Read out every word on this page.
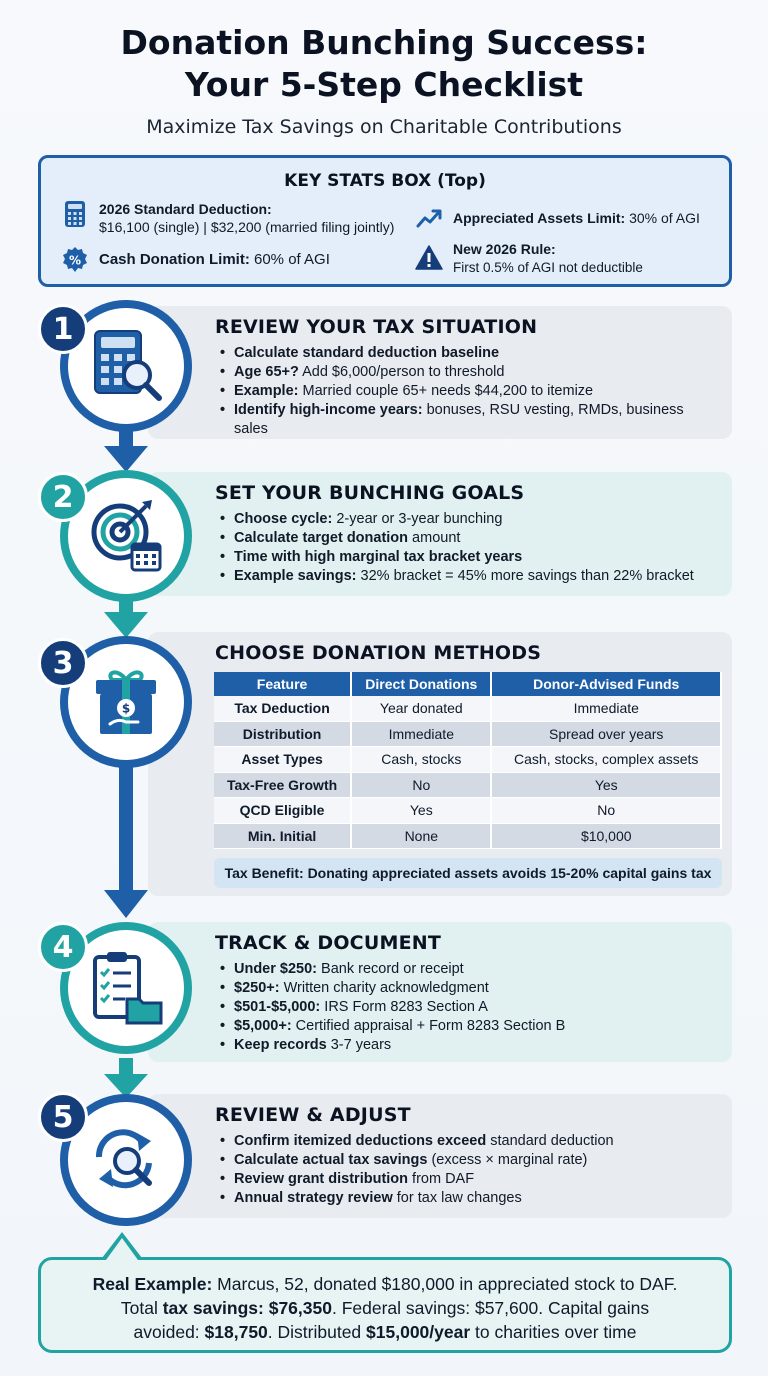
Donation Bunching Success:
Your 5-Step Checklist
Maximize Tax Savings on Charitable Contributions
KEY STATS BOX (Top)
2026 Standard Deduction:
$16,100 (single) | $32,200 (married filing jointly)
Appreciated Assets Limit: 30% of AGI
% Cash Donation Limit: 60% of AGI
New 2026 Rule:
First 0.5% of AGI not deductible
REVIEW YOUR TAX SITUATION
• Calculate standard deduction baseline
• Age 65+? Add $6,000/person to threshold
• Example: Married couple 65+ needs $44,200 to itemize
• Identify high-income years: bonuses, RSU vesting, RMDs, business sales
1
SET YOUR BUNCHING GOALS
• Choose cycle: 2-year or 3-year bunching
• Calculate target donation amount
• Time with high marginal tax bracket years
• Example savings: 32% bracket = 45% more savings than 22% bracket
2
CHOOSE DONATION METHODS
Feature	Direct Donations	Donor-Advised Funds
Tax Deduction	Year donated	Immediate
Distribution	Immediate	Spread over years
Asset Types	Cash, stocks	Cash, stocks, complex assets
Tax-Free Growth	No	Yes
QCD Eligible	Yes	No
Min. Initial	None	$10,000
Tax Benefit: Donating appreciated assets avoids 15-20% capital gains tax
$
3
TRACK & DOCUMENT
• Under $250: Bank record or receipt
• $250+: Written charity acknowledgment
• $501-$5,000: IRS Form 8283 Section A
• $5,000+: Certified appraisal + Form 8283 Section B
• Keep records 3-7 years
4
REVIEW & ADJUST
• Confirm itemized deductions exceed standard deduction
• Calculate actual tax savings (excess × marginal rate)
• Review grant distribution from DAF
• Annual strategy review for tax law changes
5
Real Example: Marcus, 52, donated $180,000 in appreciated stock to DAF.
Total tax savings: $76,350. Federal savings: $57,600. Capital gains
avoided: $18,750. Distributed $15,000/year to charities over time
